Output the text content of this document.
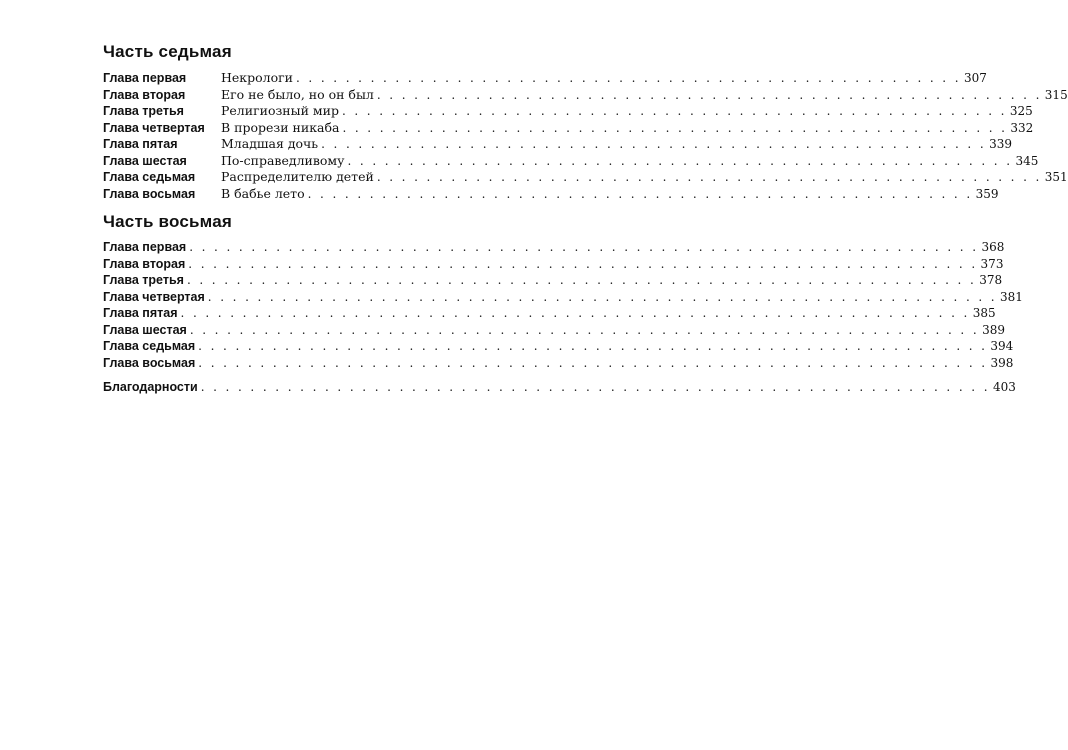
Часть седьмая
Глава первая	Некрологи . . . . . . . . . . . . . . . . . . . . . . . . . . . . . . . . . . . . . . . . . . . . . . . . . . . . . . 307
Глава вторая	Его не было, но он был . . . . . . . . . . . . . . . . . . . . . . . . . . . . . . . . . . . . . . . . . . . . . . . . . . . . . . 315
Глава третья	Религиозный мир . . . . . . . . . . . . . . . . . . . . . . . . . . . . . . . . . . . . . . . . . . . . . . . . . . . . . . 325
Глава четвертая	В прорези никаба . . . . . . . . . . . . . . . . . . . . . . . . . . . . . . . . . . . . . . . . . . . . . . . . . . . . . . 332
Глава пятая	Младшая дочь . . . . . . . . . . . . . . . . . . . . . . . . . . . . . . . . . . . . . . . . . . . . . . . . . . . . . . 339
Глава шестая	По-справедливому . . . . . . . . . . . . . . . . . . . . . . . . . . . . . . . . . . . . . . . . . . . . . . . . . . . . . . 345
Глава седьмая	Распределителю детей . . . . . . . . . . . . . . . . . . . . . . . . . . . . . . . . . . . . . . . . . . . . . . . . . . . . . . 351
Глава восьмая	В бабье лето . . . . . . . . . . . . . . . . . . . . . . . . . . . . . . . . . . . . . . . . . . . . . . . . . . . . . . 359
Часть восьмая
Глава первая . . . . . . . . . . . . . . . . . . . . . . . . . . . . . . . . . . . . . . . . . . . . . . . . . . . . . . . . . . . . . . . . 368
Глава вторая . . . . . . . . . . . . . . . . . . . . . . . . . . . . . . . . . . . . . . . . . . . . . . . . . . . . . . . . . . . . . . . . 373
Глава третья . . . . . . . . . . . . . . . . . . . . . . . . . . . . . . . . . . . . . . . . . . . . . . . . . . . . . . . . . . . . . . . . 378
Глава четвертая . . . . . . . . . . . . . . . . . . . . . . . . . . . . . . . . . . . . . . . . . . . . . . . . . . . . . . . . . . . . . . . . 381
Глава пятая . . . . . . . . . . . . . . . . . . . . . . . . . . . . . . . . . . . . . . . . . . . . . . . . . . . . . . . . . . . . . . . . 385
Глава шестая . . . . . . . . . . . . . . . . . . . . . . . . . . . . . . . . . . . . . . . . . . . . . . . . . . . . . . . . . . . . . . . . 389
Глава седьмая . . . . . . . . . . . . . . . . . . . . . . . . . . . . . . . . . . . . . . . . . . . . . . . . . . . . . . . . . . . . . . . . 394
Глава восьмая . . . . . . . . . . . . . . . . . . . . . . . . . . . . . . . . . . . . . . . . . . . . . . . . . . . . . . . . . . . . . . . . 398
Благодарности . . . . . . . . . . . . . . . . . . . . . . . . . . . . . . . . . . . . . . . . . . . . . . . . . . . . . . . . . . . . . . . . 403
